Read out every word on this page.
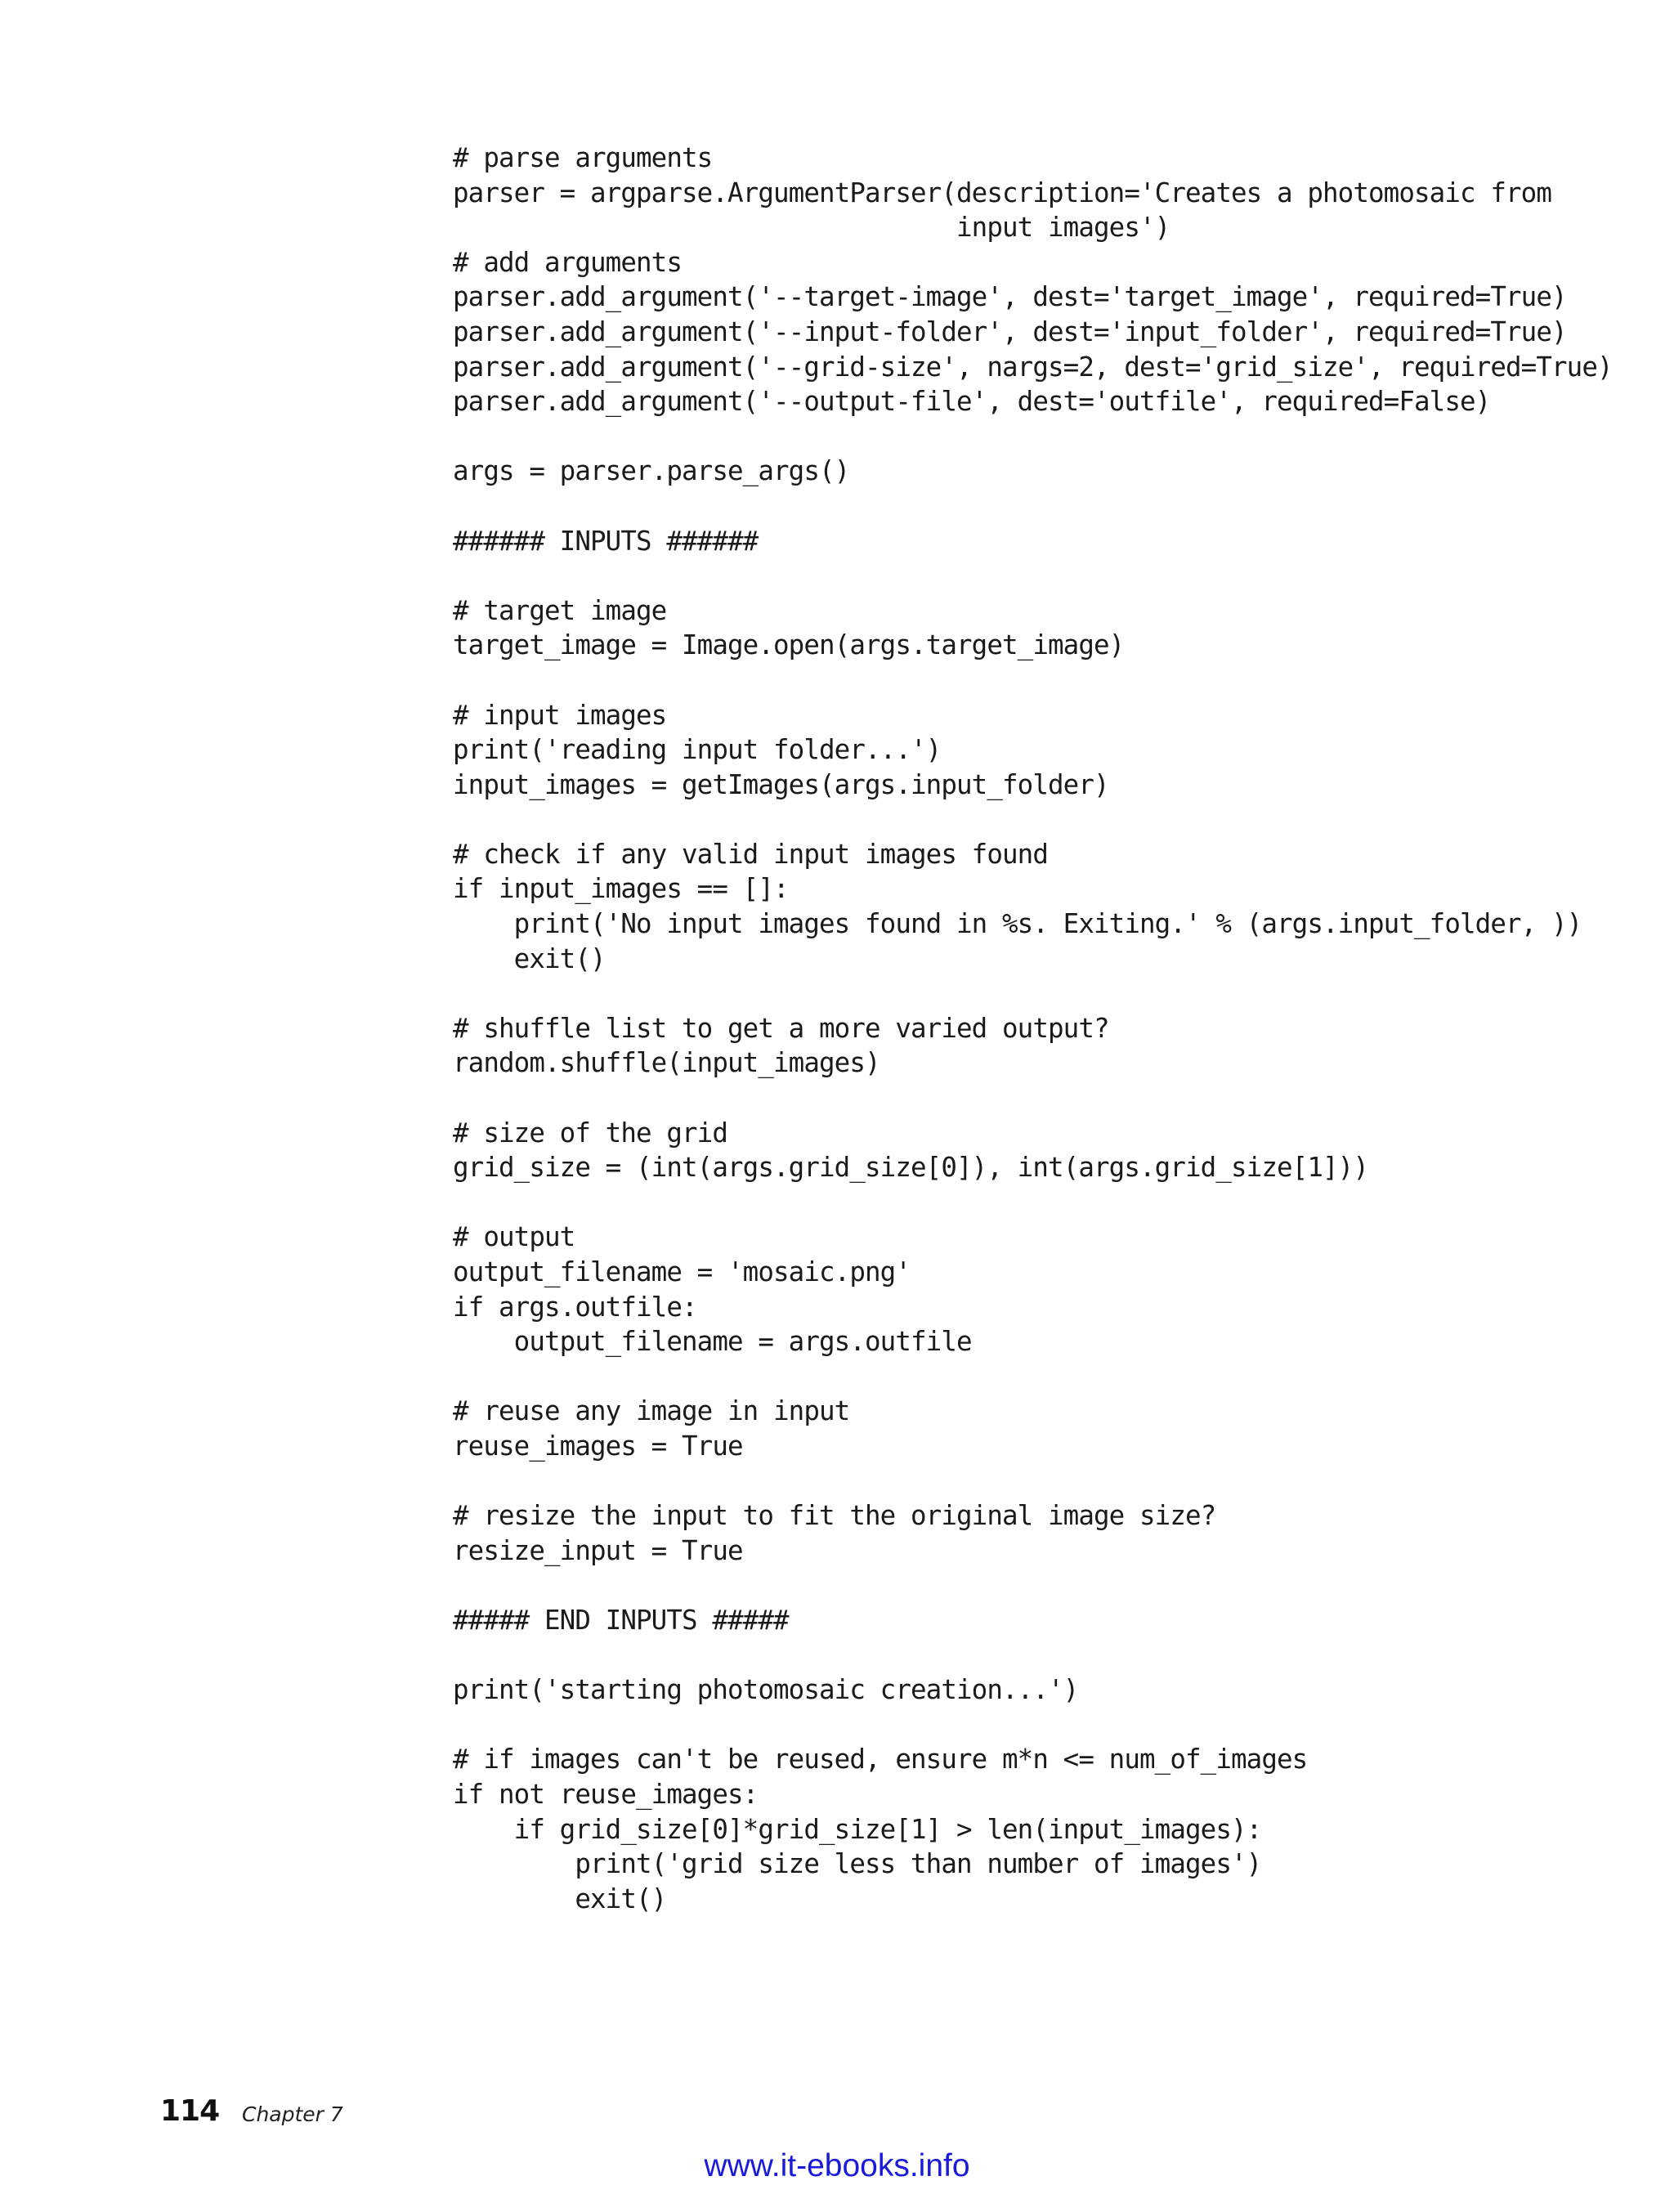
# parse arguments
parser = argparse.ArgumentParser(description='Creates a photomosaic from
input images')
# add arguments
parser.add_argument('--target-image', dest='target_image', required=True)
parser.add_argument('--input-folder', dest='input_folder', required=True)
parser.add_argument('--grid-size', nargs=2, dest='grid_size', required=True)
parser.add_argument('--output-file', dest='outfile', required=False)
args = parser.parse_args()
###### INPUTS ######
# target image
target_image = Image.open(args.target_image)
# input images
print('reading input folder...')
input_images = getImages(args.input_folder)
# check if any valid input images found
if input_images == []:
print('No input images found in %s. Exiting.' % (args.input_folder, ))
exit()
# shuffle list to get a more varied output?
random.shuffle(input_images)
# size of the grid
grid_size = (int(args.grid_size[0]), int(args.grid_size[1]))
# output
output_filename = 'mosaic.png'
if args.outfile:
output_filename = args.outfile
# reuse any image in input
reuse_images = True
# resize the input to fit the original image size?
resize_input = True
##### END INPUTS #####
print('starting photomosaic creation...')
# if images can't be reused, ensure m*n <= num_of_images
if not reuse_images:
if grid_size[0]*grid_size[1] > len(input_images):
print('grid size less than number of images')
exit()
114 Chapter 7
www.it-ebooks.info
